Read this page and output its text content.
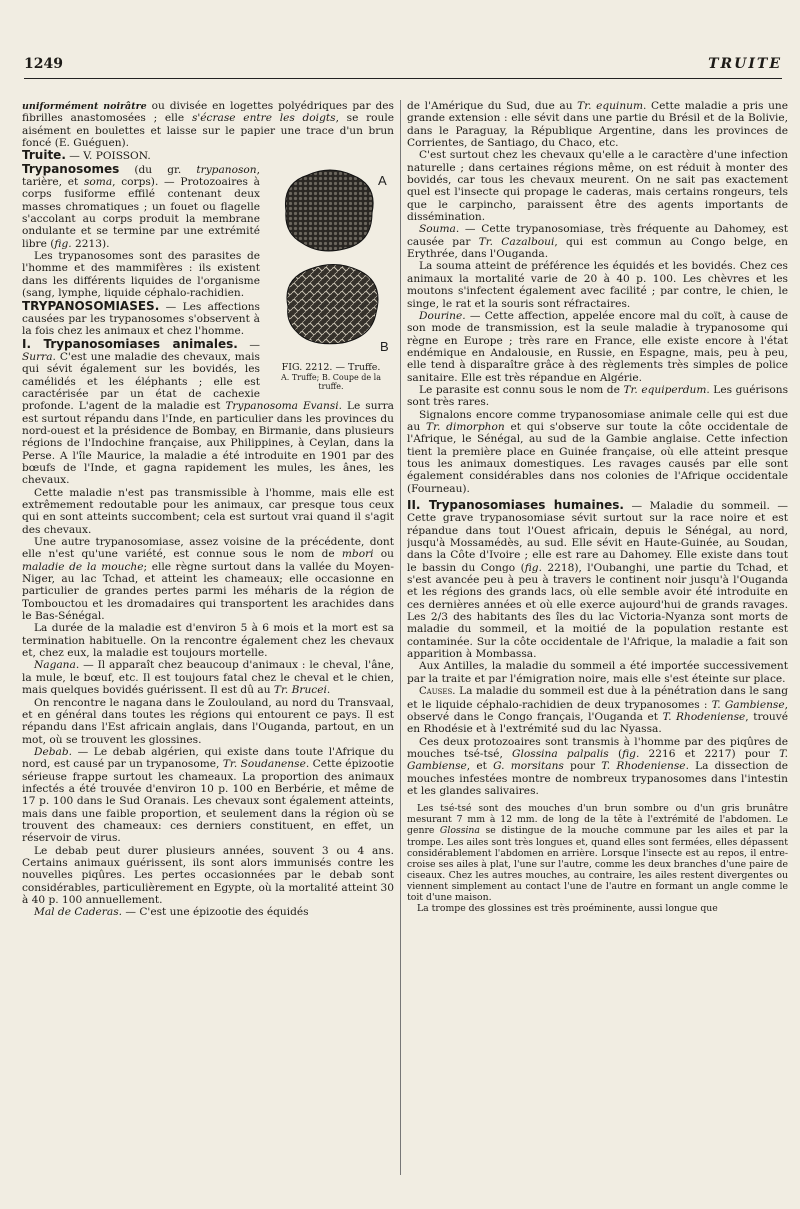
1249	TRUITE

uniformément noirâtre ou divisée en logettes polyédriques par des fibrilles anastomosées ; elle s'écrase entre les doigts, se roule aisément en boulettes et laisse sur le papier une trace d'un brun foncé (E. Guéguen).

A
B
FIG. 2212. — Truffe.
A. Truffe; B. Coupe de la truffe.

Truite. — V. POISSON.

Trypanosomes (du gr. trypanoson, tarière, et soma, corps). — Protozoaires à corps fusiforme effilé contenant deux masses chromatiques ; un fouet ou flagelle s'accolant au corps produit la membrane ondulante et se termine par une extrémité libre (fig. 2213).

Les trypanosomes sont des parasites de l'homme et des mammifères : ils existent dans les différents liquides de l'organisme (sang, lymphe, liquide céphalo-rachidien.

TRYPANOSOMIASES. — Les affections causées par les trypanosomes s'observent à la fois chez les animaux et chez l'homme.

I. Trypanosomiases animales. — Surra. C'est une maladie des chevaux, mais qui sévit également sur les bovidés, les camélidés et les éléphants ; elle est caractérisée par un état de cachexie profonde. L'agent de la maladie est Trypanosoma Evansi. Le surra est surtout répandu dans l'Inde, en particulier dans les provinces du nord-ouest et la présidence de Bombay, en Birmanie, dans plusieurs régions de l'Indochine française, aux Philippines, à Ceylan, dans la Perse. A l'île Maurice, la maladie a été introduite en 1901 par des bœufs de l'Inde, et gagna rapidement les mules, les ânes, les chevaux.

Cette maladie n'est pas transmissible à l'homme, mais elle est extrêmement redoutable pour les animaux, car presque tous ceux qui en sont atteints succombent; cela est surtout vrai quand il s'agit des chevaux.

Une autre trypanosomiase, assez voisine de la précédente, dont elle n'est qu'une variété, est connue sous le nom de mbori ou maladie de la mouche; elle règne surtout dans la vallée du Moyen-Niger, au lac Tchad, et atteint les chameaux; elle occasionne en particulier de grandes pertes parmi les méharis de la région de Tombouctou et les dromadaires qui transportent les arachides dans le Bas-Sénégal.

La durée de la maladie est d'environ 5 à 6 mois et la mort est sa termination habituelle. On la rencontre également chez les chevaux et, chez eux, la maladie est toujours mortelle.

Nagana. — Il apparaît chez beaucoup d'animaux : le cheval, l'âne, la mule, le bœuf, etc. Il est toujours fatal chez le cheval et le chien, mais quelques bovidés guérissent. Il est dû au Tr. Brucei.

On rencontre le nagana dans le Zoulouland, au nord du Transvaal, et en général dans toutes les régions qui entourent ce pays. Il est répandu dans l'Est africain anglais, dans l'Ouganda, partout, en un mot, où se trouvent les glossines.

Debab. — Le debab algérien, qui existe dans toute l'Afrique du nord, est causé par un trypanosome, Tr. Soudanense. Cette épizootie sérieuse frappe surtout les chameaux. La proportion des animaux infectés a été trouvée d'environ 10 p. 100 en Berbérie, et même de 17 p. 100 dans le Sud Oranais. Les chevaux sont également atteints, mais dans une faible proportion, et seulement dans la région où se trouvent des chameaux: ces derniers constituent, en effet, un réservoir de virus.

Le debab peut durer plusieurs années, souvent 3 ou 4 ans. Certains animaux guérissent, ils sont alors immunisés contre les nouvelles piqûres. Les pertes occasionnées par le debab sont considérables, particulièrement en Egypte, où la mortalité atteint 30 à 40 p. 100 annuellement.

Mal de Caderas. — C'est une épizootie des équidés

de l'Amérique du Sud, due au Tr. equinum. Cette maladie a pris une grande extension : elle sévit dans une partie du Brésil et de la Bolivie, dans le Paraguay, la République Argentine, dans les provinces de Corrientes, de Santiago, du Chaco, etc.

C'est surtout chez les chevaux qu'elle a le caractère d'une infection naturelle ; dans certaines régions même, on est réduit à monter des bovidés, car tous les chevaux meurent. On ne sait pas exactement quel est l'insecte qui propage le caderas, mais certains rongeurs, tels que le carpincho, paraissent être des agents importants de dissémination.

Souma. — Cette trypanosomiase, très fréquente au Dahomey, est causée par Tr. Cazalboui, qui est commun au Congo belge, en Erythrée, dans l'Ouganda.

La souma atteint de préférence les équidés et les bovidés. Chez ces animaux la mortalité varie de 20 à 40 p. 100. Les chèvres et les moutons s'infectent également avec facilité ; par contre, le chien, le singe, le rat et la souris sont réfractaires.

Dourine. — Cette affection, appelée encore mal du coït, à cause de son mode de transmission, est la seule maladie à trypanosome qui règne en Europe ; très rare en France, elle existe encore à l'état endémique en Andalousie, en Russie, en Espagne, mais, peu à peu, elle tend à disparaître grâce à des règlements très simples de police sanitaire. Elle est très répandue en Algérie.

Le parasite est connu sous le nom de Tr. equiperdum. Les guérisons sont très rares.

Signalons encore comme trypanosomiase animale celle qui est due au Tr. dimorphon et qui s'observe sur toute la côte occidentale de l'Afrique, le Sénégal, au sud de la Gambie anglaise. Cette infection tient la première place en Guinée française, où elle atteint presque tous les animaux domestiques. Les ravages causés par elle sont également considérables dans nos colonies de l'Afrique occidentale (Fourneau).

II. Trypanosomiases humaines. — Maladie du sommeil. — Cette grave trypanosomiase sévit surtout sur la race noire et est répandue dans tout l'Ouest africain, depuis le Sénégal, au nord, jusqu'à Mossamédès, au sud. Elle sévit en Haute-Guinée, au Soudan, dans la Côte d'Ivoire ; elle est rare au Dahomey. Elle existe dans tout le bassin du Congo (fig. 2218), l'Oubanghi, une partie du Tchad, et s'est avancée peu à peu à travers le continent noir jusqu'à l'Ouganda et les régions des grands lacs, où elle semble avoir été introduite en ces dernières années et où elle exerce aujourd'hui de grands ravages. Les 2/3 des habitants des îles du lac Victoria-Nyanza sont morts de maladie du sommeil, et la moitié de la population restante est contaminée. Sur la côte occidentale de l'Afrique, la maladie a fait son apparition à Mombassa.

Aux Antilles, la maladie du sommeil a été importée successivement par la traite et par l'émigration noire, mais elle s'est éteinte sur place.

Causes. La maladie du sommeil est due à la pénétration dans le sang et le liquide céphalo-rachidien de deux trypanosomes : T. Gambiense, observé dans le Congo français, l'Ouganda et T. Rhodeniense, trouvé en Rhodésie et à l'extrémité sud du lac Nyassa.

Ces deux protozoaires sont transmis à l'homme par des piqûres de mouches tsé-tsé, Glossina palpalis (fig. 2216 et 2217) pour T. Gambiense, et G. morsitans pour T. Rhodeniense. La dissection de mouches infestées montre de nombreux trypanosomes dans l'intestin et les glandes salivaires.

Les tsé-tsé sont des mouches d'un brun sombre ou d'un gris brunâtre mesurant 7 mm à 12 mm. de long de la tête à l'extrémité de l'abdomen. Le genre Glossina se distingue de la mouche commune par les ailes et par la trompe. Les ailes sont très longues et, quand elles sont fermées, elles dépassent considérablement l'abdomen en arrière. Lorsque l'insecte est au repos, il entre-croise ses ailes à plat, l'une sur l'autre, comme les deux branches d'une paire de ciseaux. Chez les autres mouches, au contraire, les ailes restent divergentes ou viennent simplement au contact l'une de l'autre en formant un angle comme le toit d'une maison.

La trompe des glossines est très proéminente, aussi longue que
